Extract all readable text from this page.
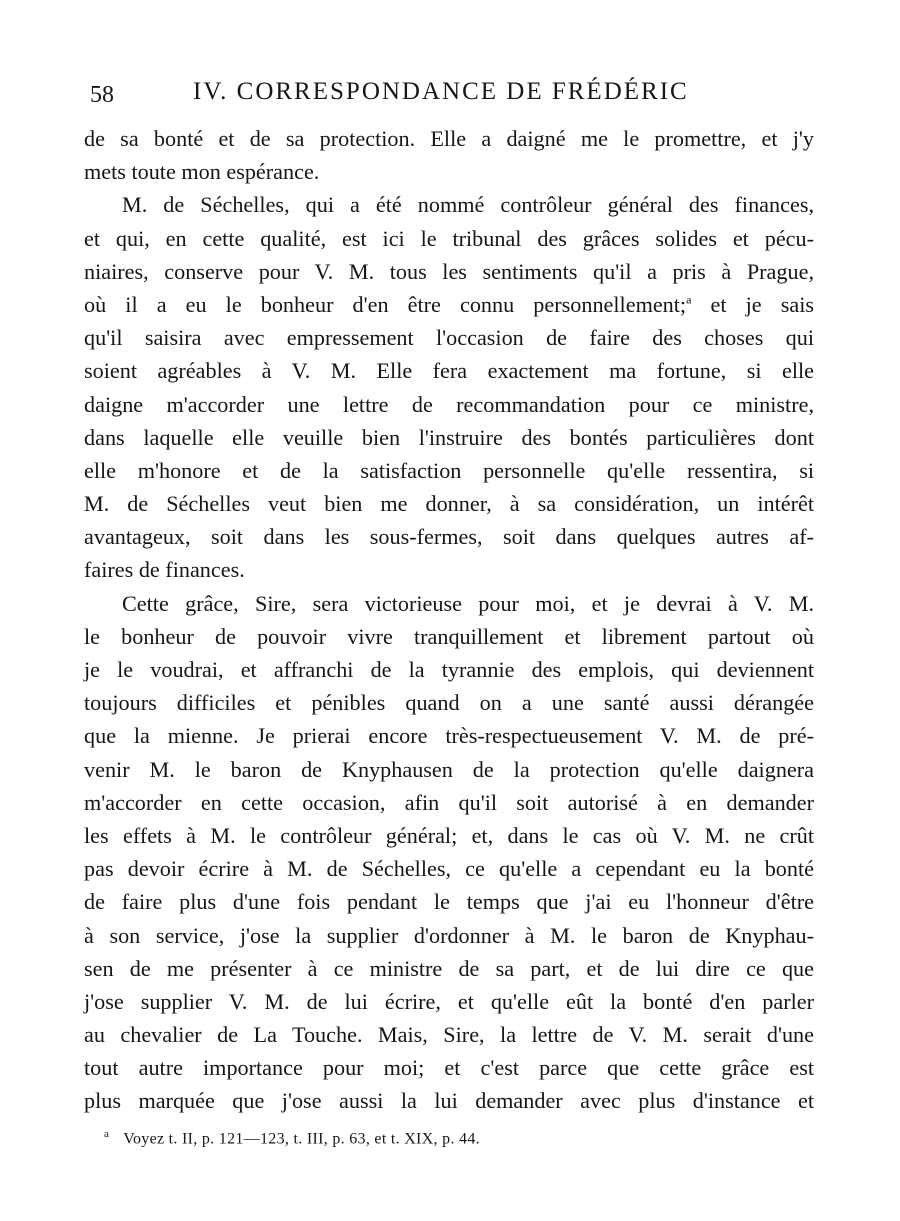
58	IV. CORRESPONDANCE DE FRÉDÉRIC
de sa bonté et de sa protection. Elle a daigné me le promettre, et j'y
mets toute mon espérance.
M. de Séchelles, qui a été nommé contrôleur général des finances,
et qui, en cette qualité, est ici le tribunal des grâces solides et pécu-
niaires, conserve pour V. M. tous les sentiments qu'il a pris à Prague,
où il a eu le bonheur d'en être connu personnellement;$^a$ et je sais
qu'il saisira avec empressement l'occasion de faire des choses qui
soient agréables à V. M. Elle fera exactement ma fortune, si elle
daigne m'accorder une lettre de recommandation pour ce ministre,
dans laquelle elle veuille bien l'instruire des bontés particulières dont
elle m'honore et de la satisfaction personnelle qu'elle ressentira, si
M. de Séchelles veut bien me donner, à sa considération, un intérêt
avantageux, soit dans les sous-fermes, soit dans quelques autres af-
faires de finances.
Cette grâce, Sire, sera victorieuse pour moi, et je devrai à V. M.
le bonheur de pouvoir vivre tranquillement et librement partout où
je le voudrai, et affranchi de la tyrannie des emplois, qui deviennent
toujours difficiles et pénibles quand on a une santé aussi dérangée
que la mienne. Je prierai encore très-respectueusement V. M. de pré-
venir M. le baron de Knyphausen de la protection qu'elle daignera
m'accorder en cette occasion, afin qu'il soit autorisé à en demander
les effets à M. le contrôleur général; et, dans le cas où V. M. ne crût
pas devoir écrire à M. de Séchelles, ce qu'elle a cependant eu la bonté
de faire plus d'une fois pendant le temps que j'ai eu l'honneur d'être
à son service, j'ose la supplier d'ordonner à M. le baron de Knyphau-
sen de me présenter à ce ministre de sa part, et de lui dire ce que
j'ose supplier V. M. de lui écrire, et qu'elle eût la bonté d'en parler
au chevalier de La Touche. Mais, Sire, la lettre de V. M. serait d'une
tout autre importance pour moi; et c'est parce que cette grâce est
plus marquée que j'ose aussi la lui demander avec plus d'instance et
$^a$ Voyez t. II, p. 121—123, t. III, p. 63, et t. XIX, p. 44.
